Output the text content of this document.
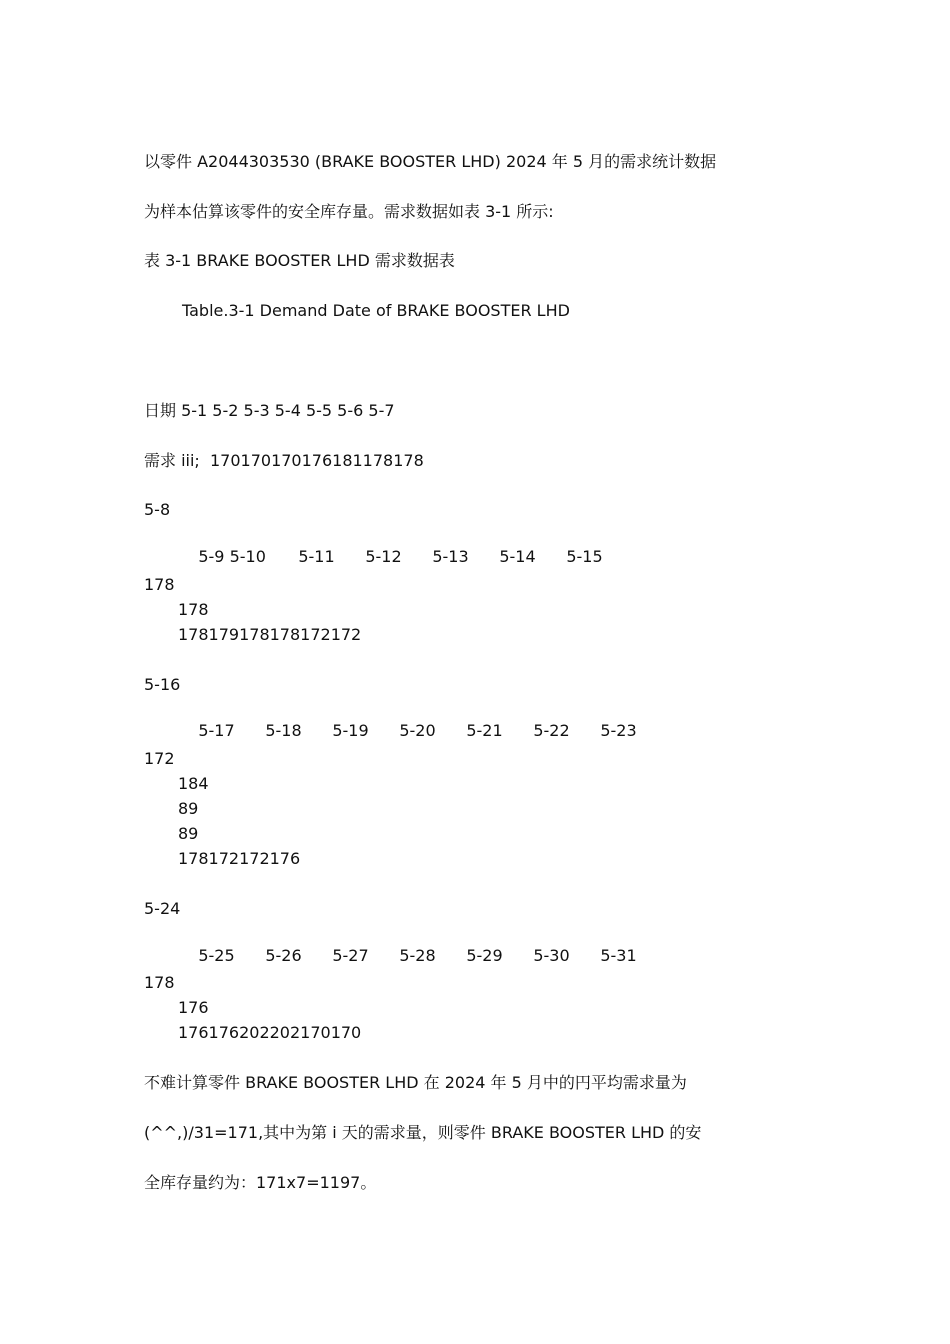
以零件 A2044303530 (BRAKE BOOSTER LHD) 2024 年 5 月的需求统计数据
为样本估算该零件的安全库存量。需求数据如表 3-1 所示:
表 3-1 BRAKE BOOSTER LHD 需求数据表
Table.3-1 Demand Date of BRAKE BOOSTER LHD
日期 5-1 5-2 5-3 5-4 5-5 5-6 5-7
需求 iii;  170170170176181178178
5-8

5-9 5-10 5-11 5-12 5-13 5-14 5-15

178
178
178179178178172172
5-16

5-17 5-18 5-19 5-20 5-21 5-22 5-23

172
184
89
89
178172172176
5-24

5-25 5-26 5-27 5-28 5-29 5-30 5-31

178
176
176176202202170170
不难计算零件 BRAKE BOOSTER LHD 在 2024 年 5 月中的円平均需求量为
(^^,)/31=171,其中为第 i 天的需求量，则零件 BRAKE BOOSTER LHD 的安
全库存量约为：171x7=1197。
